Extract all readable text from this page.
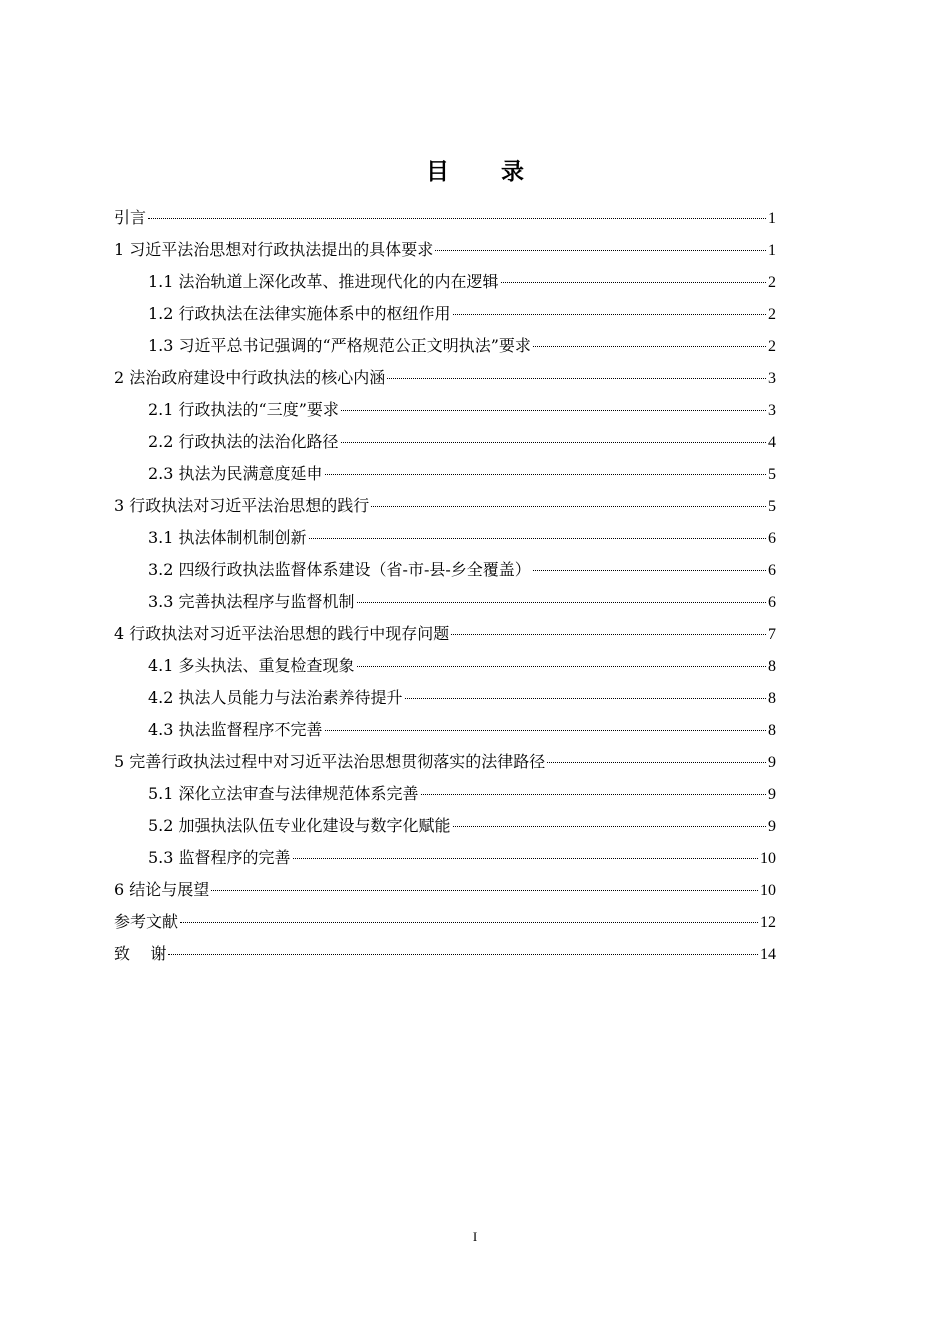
目 录
引言	1
1 习近平法治思想对行政执法提出的具体要求	1
1.1 法治轨道上深化改革、推进现代化的内在逻辑	2
1.2 行政执法在法律实施体系中的枢纽作用	2
1.3 习近平总书记强调的“严格规范公正文明执法”要求	2
2 法治政府建设中行政执法的核心内涵	3
2.1 行政执法的“三度”要求	3
2.2 行政执法的法治化路径	4
2.3 执法为民满意度延申	5
3 行政执法对习近平法治思想的践行	5
3.1 执法体制机制创新	6
3.2 四级行政执法监督体系建设（省-市-县-乡全覆盖）	6
3.3 完善执法程序与监督机制	6
4 行政执法对习近平法治思想的践行中现存问题	7
4.1 多头执法、重复检查现象	8
4.2 执法人员能力与法治素养待提升	8
4.3 执法监督程序不完善	8
5 完善行政执法过程中对习近平法治思想贯彻落实的法律路径	9
5.1 深化立法审查与法律规范体系完善	9
5.2 加强执法队伍专业化建设与数字化赋能	9
5.3 监督程序的完善	10
6 结论与展望	10
参考文献	12
致    谢	14
I
